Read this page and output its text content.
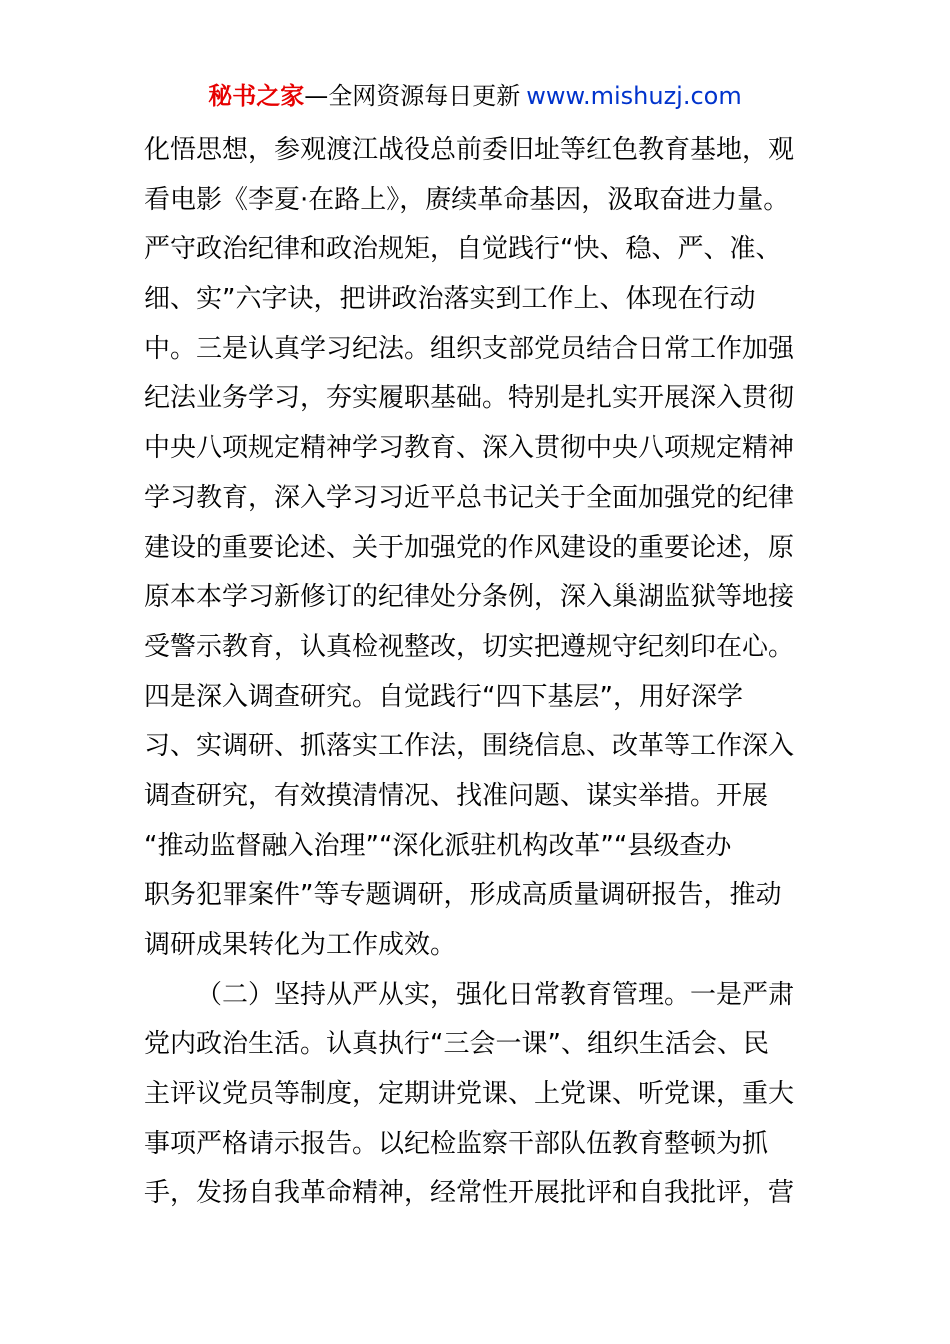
秘书之家—全网资源每日更新 www.mishuzj.com
化悟思想，参观渡江战役总前委旧址等红色教育基地，观
看电影《李夏·在路上》，赓续革命基因，汲取奋进力量。
严守政治纪律和政治规矩，自觉践行“快、稳、严、准、
细、实”六字诀，把讲政治落实到工作上、体现在行动
中。三是认真学习纪法。组织支部党员结合日常工作加强
纪法业务学习，夯实履职基础。特别是扎实开展深入贯彻
中央八项规定精神学习教育、深入贯彻中央八项规定精神
学习教育，深入学习习近平总书记关于全面加强党的纪律
建设的重要论述、关于加强党的作风建设的重要论述，原
原本本学习新修订的纪律处分条例，深入巢湖监狱等地接
受警示教育，认真检视整改，切实把遵规守纪刻印在心。
四是深入调查研究。自觉践行“四下基层”，用好深学
习、实调研、抓落实工作法，围绕信息、改革等工作深入
调查研究，有效摸清情况、找准问题、谋实举措。开展
“推动监督融入治理”“深化派驻机构改革”“县级查办
职务犯罪案件”等专题调研，形成高质量调研报告，推动
调研成果转化为工作成效。
（二）坚持从严从实，强化日常教育管理。一是严肃
党内政治生活。认真执行“三会一课”、组织生活会、民
主评议党员等制度，定期讲党课、上党课、听党课，重大
事项严格请示报告。以纪检监察干部队伍教育整顿为抓
手，发扬自我革命精神，经常性开展批评和自我批评，营
